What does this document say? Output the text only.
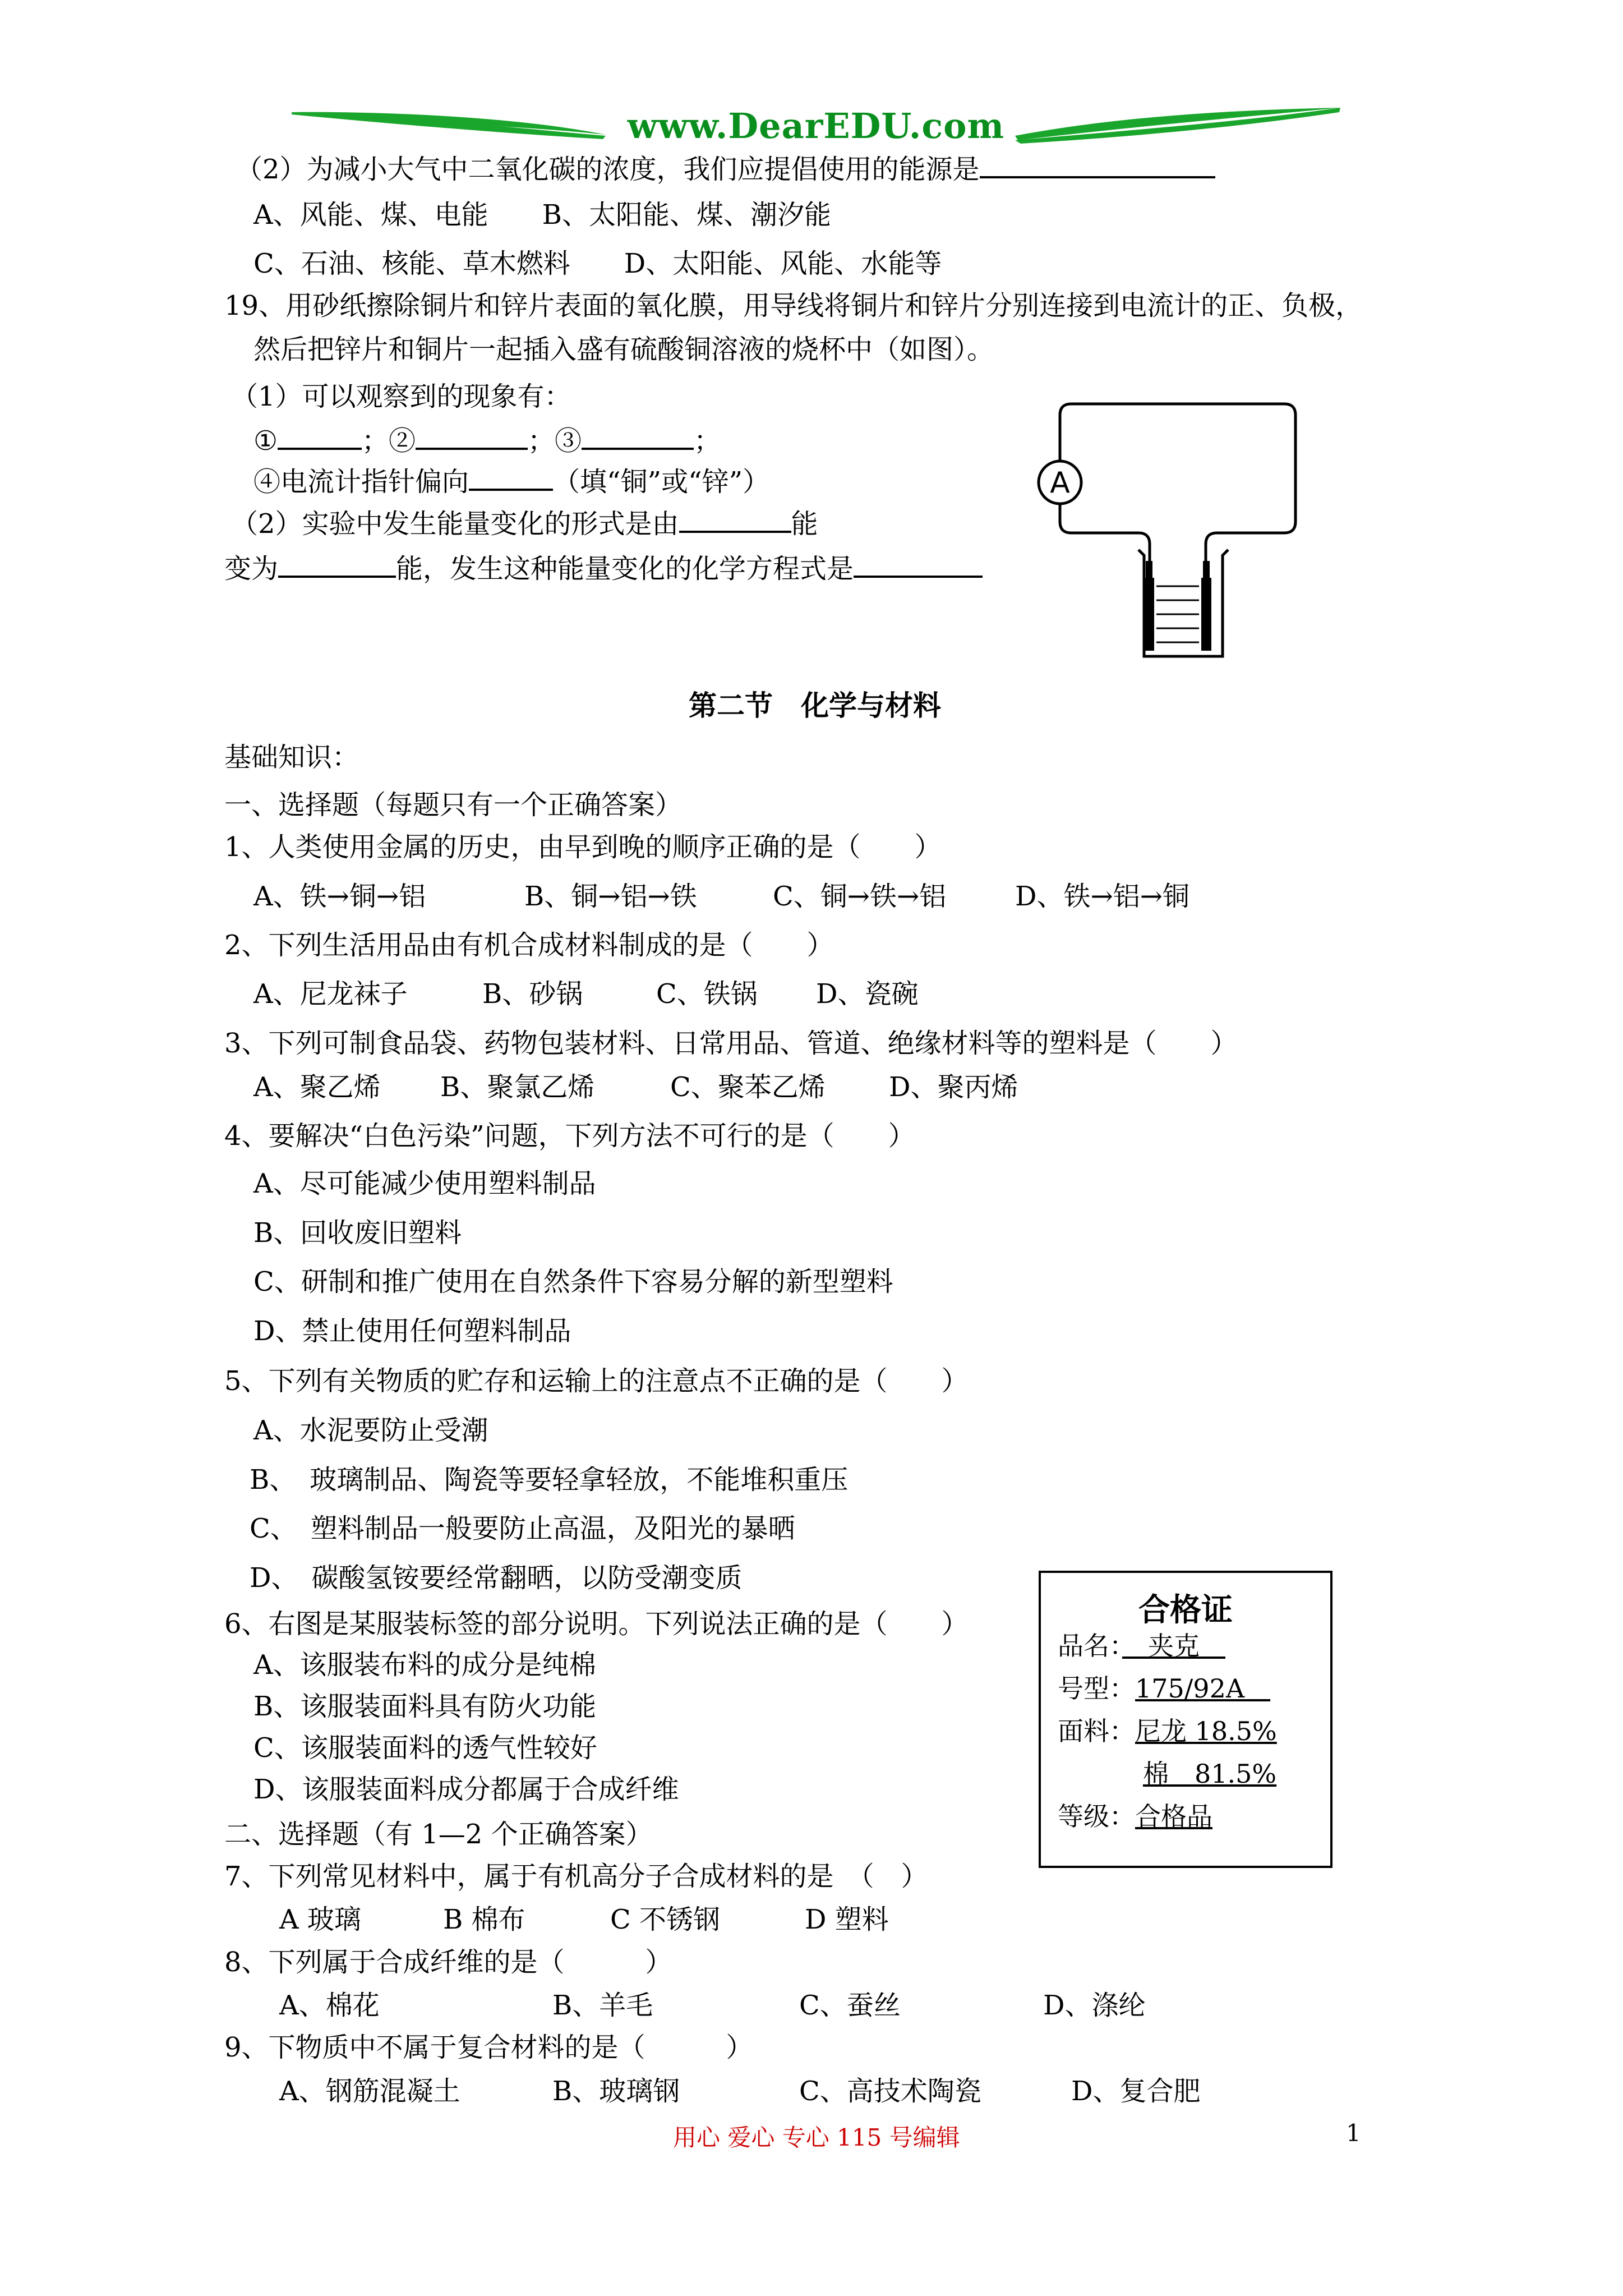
www.DearEDU.com
（2）为减小大气中二氧化碳的浓度，我们应提倡使用的能源是
A、风能、煤、电能　　B、太阳能、煤、潮汐能
C、石油、核能、草木燃料　　D、太阳能、风能、水能等
19、用砂纸擦除铜片和锌片表面的氧化膜，用导线将铜片和锌片分别连接到电流计的正、负极，
然后把锌片和铜片一起插入盛有硫酸铜溶液的烧杯中（如图）。
（1）可以观察到的现象有：
①	；②	；③	；
④电流计指针偏向	（填“铜”或“锌”）
（2）实验中发生能量变化的形式是由	能
变为	能，发生这种能量变化的化学方程式是
A
第二节　化学与材料
基础知识：
一、选择题（每题只有一个正确答案）
1、人类使用金属的历史，由早到晚的顺序正确的是（　　）
A、铁→铜→铝	B、铜→铝→铁	C、铜→铁→铝	D、铁→铝→铜
2、下列生活用品由有机合成材料制成的是（　　）
A、尼龙袜子	B、砂锅	C、铁锅 D、瓷碗
3、下列可制食品袋、药物包装材料、日常用品、管道、绝缘材料等的塑料是（　　）
A、聚乙烯 B、聚氯乙烯	C、聚苯乙烯 D、聚丙烯
4、要解决“白色污染”问题，下列方法不可行的是（　　）
A、尽可能减少使用塑料制品
B、回收废旧塑料
C、研制和推广使用在自然条件下容易分解的新型塑料
D、禁止使用任何塑料制品
5、下列有关物质的贮存和运输上的注意点不正确的是（　　）
A、水泥要防止受潮
B、　玻璃制品、陶瓷等要轻拿轻放，不能堆积重压
C、　塑料制品一般要防止高温，及阳光的暴晒
D、　碳酸氢铵要经常翻晒，以防受潮变质
6、右图是某服装标签的部分说明。下列说法正确的是（　　）
A、该服装布料的成分是纯棉
B、该服装面料具有防火功能
C、该服装面料的透气性较好
D、该服装面料成分都属于合成纤维
合格证
品名：　夹克　
号型：175/92A　
面料：尼龙 18.5%
棉　81.5%
等级：合格品
二、选择题（有 1—2 个正确答案）
7、下列常见材料中，属于有机高分子合成材料的是　（　）
A 玻璃	B 棉布	C 不锈钢	D 塑料
8、下列属于合成纤维的是（　　　）
A、棉花	B、羊毛	C、蚕丝	D、涤纶
9、下物质中不属于复合材料的是（　　　）
A、钢筋混凝土	B、玻璃钢	C、高技术陶瓷	D、复合肥
用心 爱心 专心 115 号编辑	1
